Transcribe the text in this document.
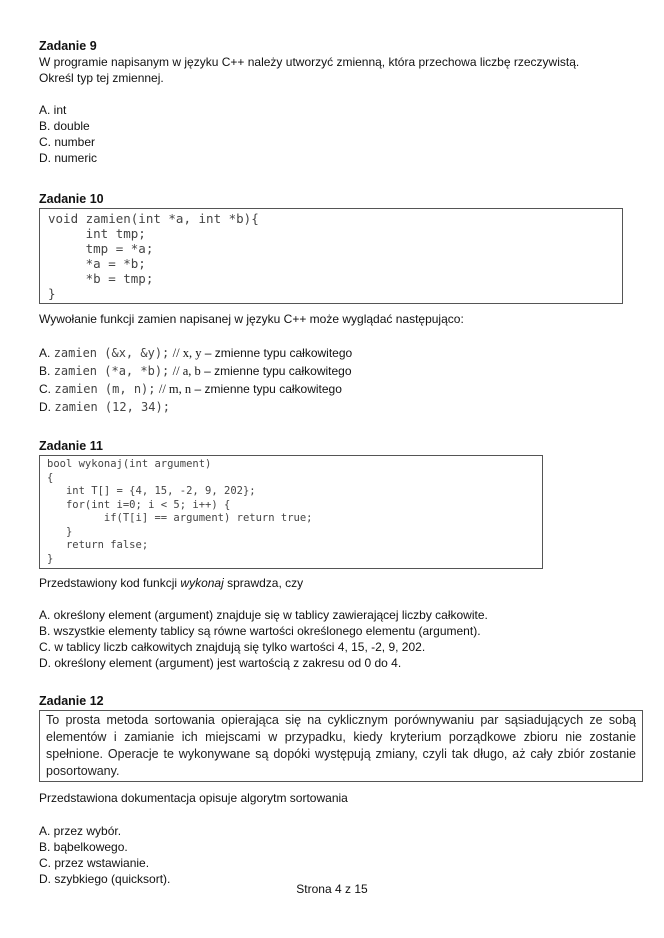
Zadanie 9

W programie napisanym w języku C++ należy utworzyć zmienną, która przechowa liczbę rzeczywistą. Określ typ tej zmiennej.

A. int

B. double

C. number

D. numeric

Zadanie 10

void zamien(int *a, int *b){

int tmp;

tmp = *a;

*a = *b;

*b = tmp;

}

Wywołanie funkcji zamien napisanej w języku C++ może wyglądać następująco:

A. zamien (&x, &y); // x, y – zmienne typu całkowitego

B. zamien (*a, *b); // a, b – zmienne typu całkowitego

C. zamien (m, n); // m, n – zmienne typu całkowitego

D. zamien (12, 34);

Zadanie 11

bool wykonaj(int argument)

{

int T[] = {4, 15, -2, 9, 202};

for(int i=0; i < 5; i++) {

if(T[i] == argument) return true;

}

return false;

}

Przedstawiony kod funkcji wykonaj sprawdza, czy

A. określony element (argument) znajduje się w tablicy zawierającej liczby całkowite.

B. wszystkie elementy tablicy są równe wartości określonego elementu (argument).

C. w tablicy liczb całkowitych znajdują się tylko wartości 4, 15, -2, 9, 202.

D. określony element (argument) jest wartością z zakresu od 0 do 4.

Zadanie 12

To prosta metoda sortowania opierająca się na cyklicznym porównywaniu par sąsiadujących ze sobą elementów i zamianie ich miejscami w przypadku, kiedy kryterium porządkowe zbioru nie zostanie spełnione. Operacje te wykonywane są dopóki występują zmiany, czyli tak długo, aż cały zbiór zostanie posortowany.

Przedstawiona dokumentacja opisuje algorytm sortowania

A. przez wybór.

B. bąbelkowego.

C. przez wstawianie.

D. szybkiego (quicksort).

Strona 4 z 15
